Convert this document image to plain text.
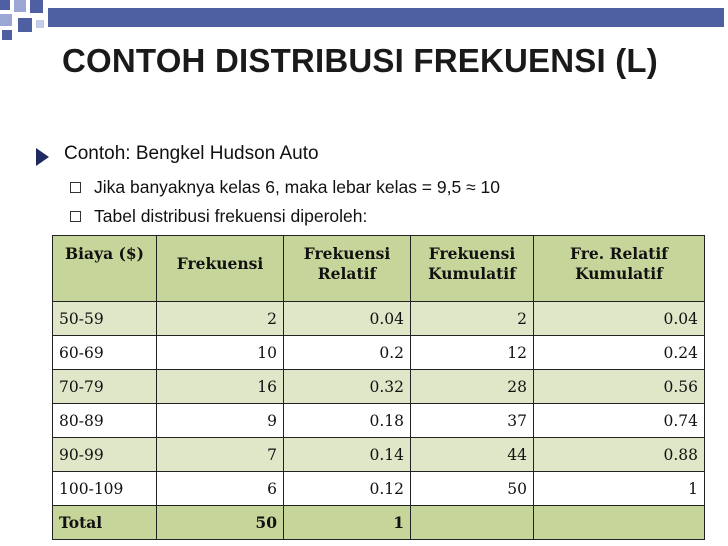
CONTOH DISTRIBUSI FREKUENSI (L)
Contoh: Bengkel Hudson Auto
Jika banyaknya kelas 6, maka lebar kelas = 9,5 ≈ 10
Tabel distribusi frekuensi diperoleh:
Biaya ($)	Frekuensi	Frekuensi Relatif	Frekuensi Kumulatif	Fre. Relatif Kumulatif

50-59	2	0.04	2	0.04
60-69	10	0.2	12	0.24
70-79	16	0.32	28	0.56
80-89	9	0.18	37	0.74
90-99	7	0.14	44	0.88
100-109	6	0.12	50	1
Total	50	1		
